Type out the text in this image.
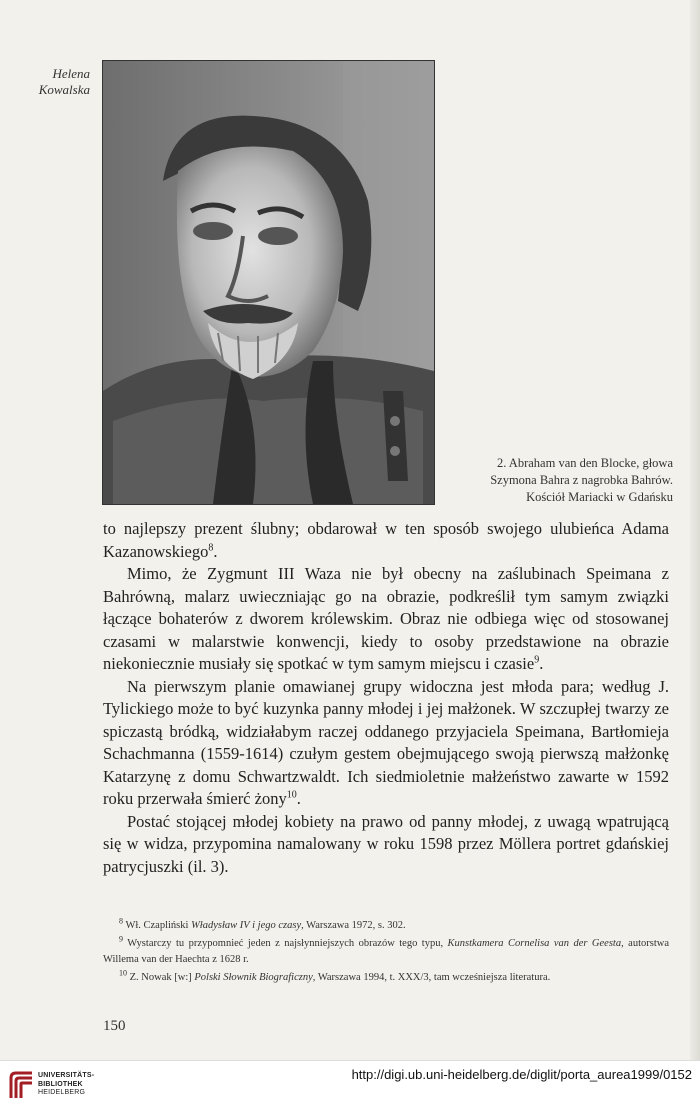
Helena
Kowalska
2. Abraham van den Blocke, głowa
Szymona Bahra z nagrobka Bahrów.
Kościół Mariacki w Gdańsku

to najlepszy prezent ślubny; obdarował w ten sposób swojego ulubieńca Adama Kazanowskiego$^8$.

Mimo, że Zygmunt III Waza nie był obecny na zaślubinach Speimana z Bahrówną, malarz uwieczniając go na obrazie, podkreślił tym samym związki łączące bohaterów z dworem królewskim. Obraz nie odbiega więc od stosowanej czasami w malarstwie konwencji, kiedy to osoby przedstawione na obrazie niekoniecznie musiały się spotkać w tym samym miejscu i czasie$^9$.

Na pierwszym planie omawianej grupy widoczna jest młoda para; według J. Tylickiego może to być kuzynka panny młodej i jej małżonek. W szczupłej twarzy ze spiczastą bródką, widziałabym raczej oddanego przyjaciela Speimana, Bartłomieja Schachmanna (1559-1614) czułym gestem obejmującego swoją pierwszą małżonkę Katarzynę z domu Schwartzwaldt. Ich siedmioletnie małżeństwo zawarte w 1592 roku przerwała śmierć żony$^{10}$.

Postać stojącej młodej kobiety na prawo od panny młodej, z uwagą wpatrującą się w widza, przypomina namalowany w roku 1598 przez Möllera portret gdańskiej patrycjuszki (il. 3).

$^8$ Wł. Czapliński Władysław IV i jego czasy, Warszawa 1972, s. 302.

$^9$ Wystarczy tu przypomnieć jeden z najsłynniejszych obrazów tego typu, Kunstkamera Cornelisa van der Geesta, autorstwa Willema van der Haechta z 1628 r.

$^{10}$ Z. Nowak [w:] Polski Słownik Biograficzny, Warszawa 1994, t. XXX/3, tam wcześniejsza literatura.

150
UNIVERSITÄTS-
BIBLIOTHEK
HEIDELBERG
http://digi.ub.uni-heidelberg.de/diglit/porta_aurea1999/0152
